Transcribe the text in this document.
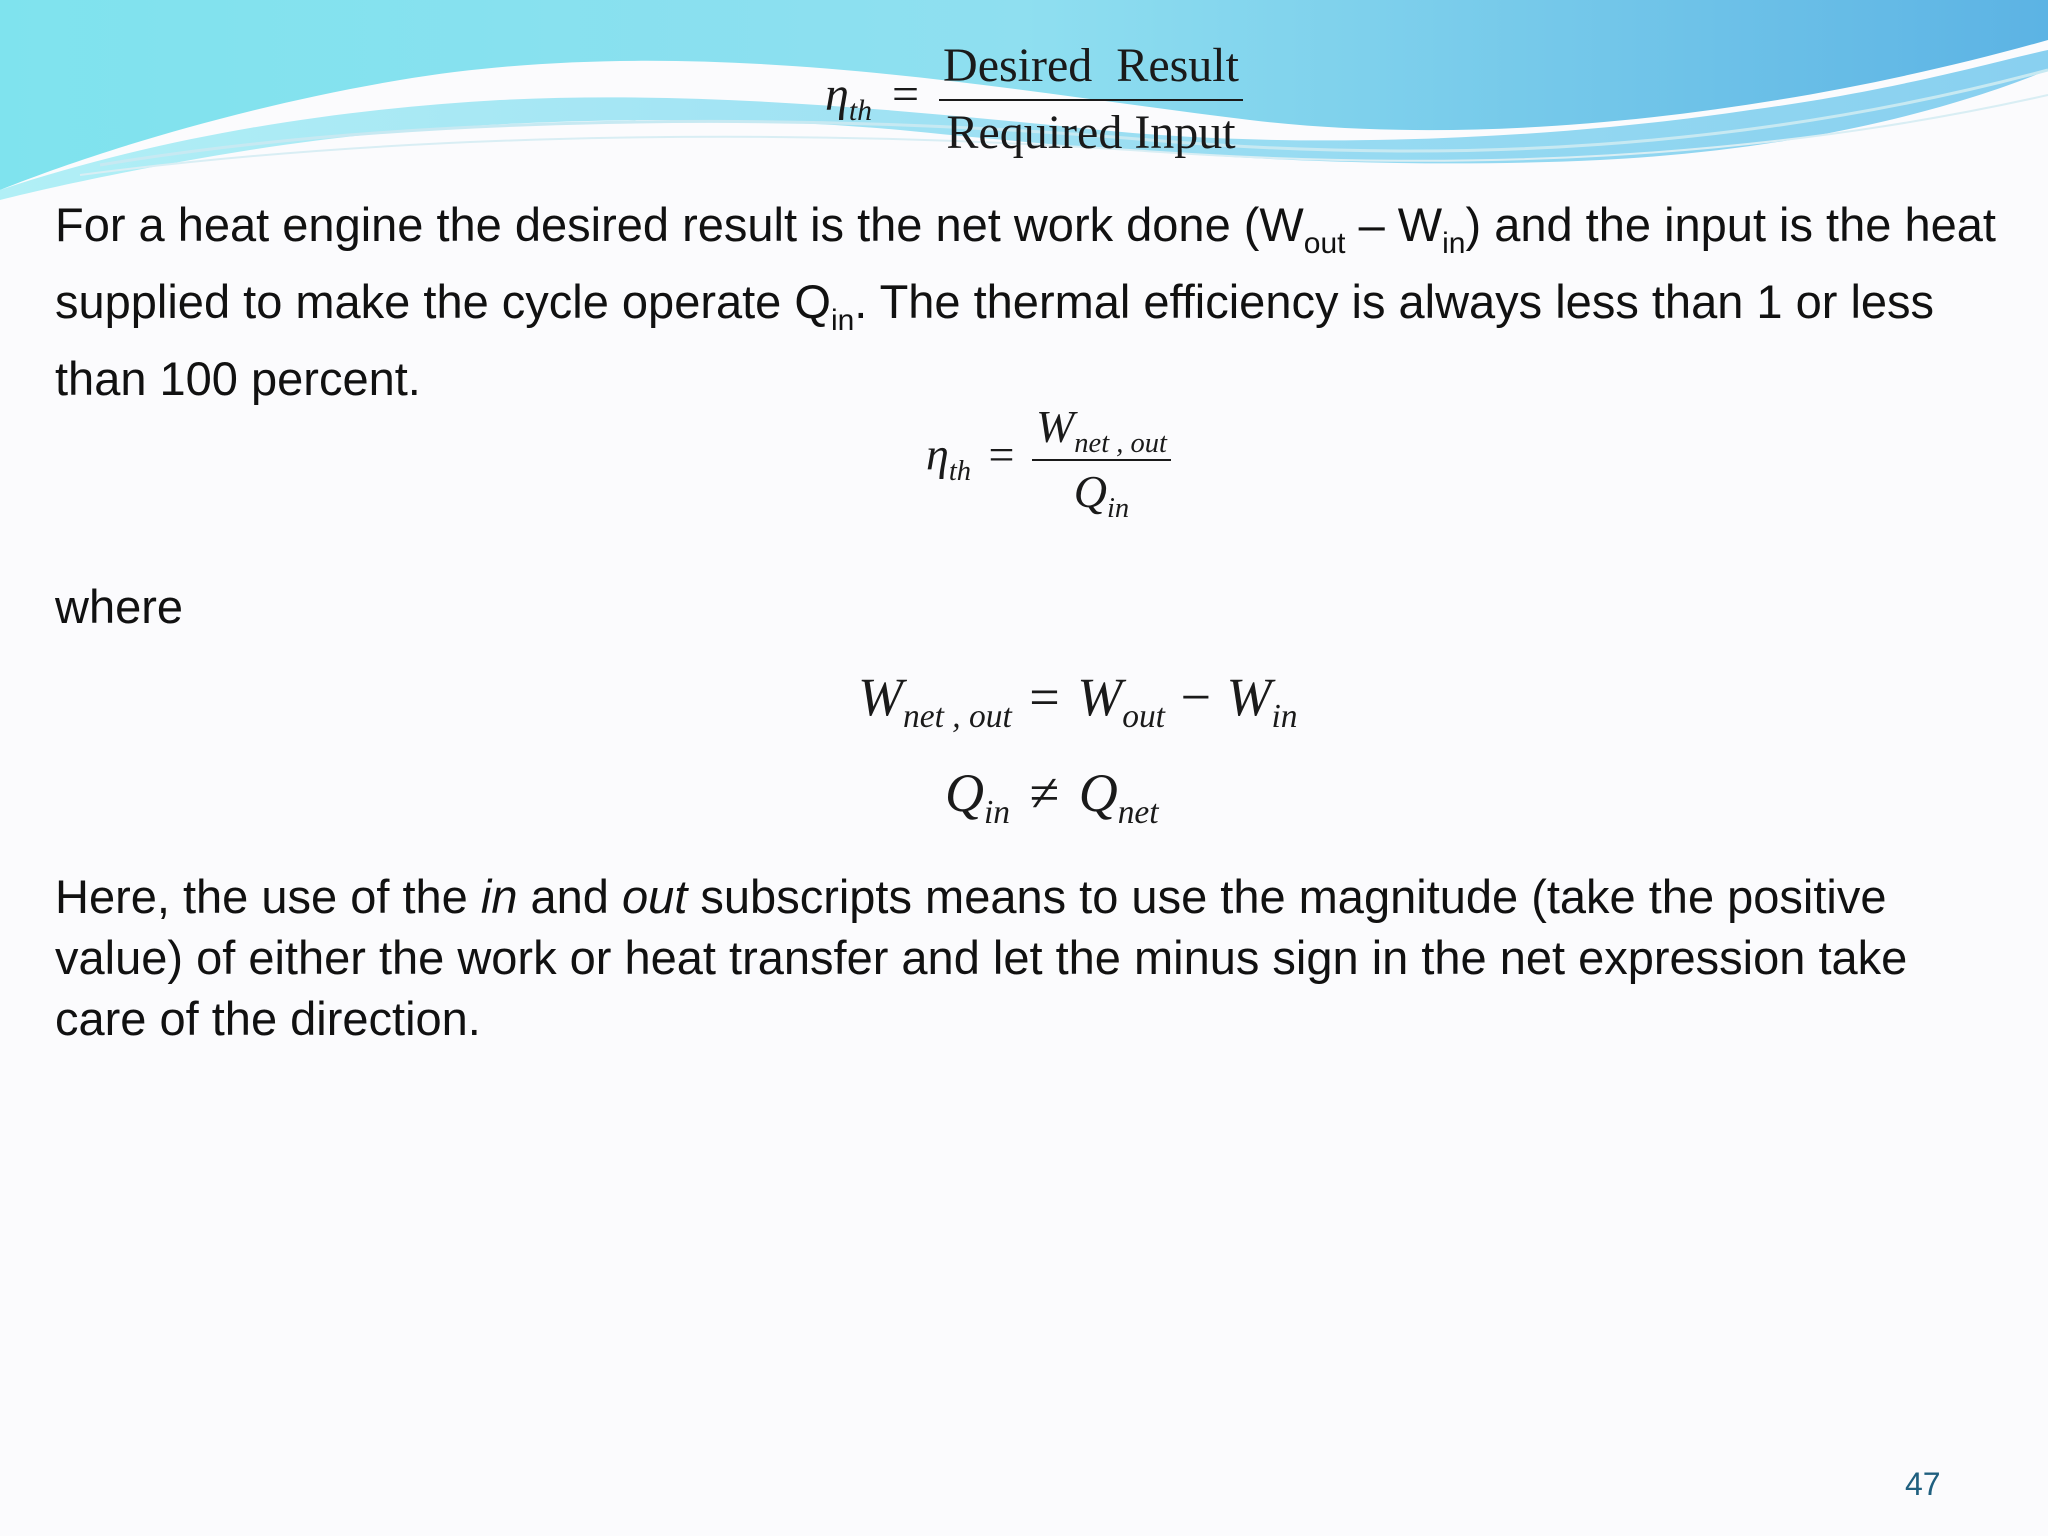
$\eta_{th} = \frac{\text{Desired  Result}}{\text{Required Input}}$
For a heat engine the desired result is the net work done $(W_{out} - W_{in})$ and the input is the heat supplied to make the cycle operate $Q_{in}$. The thermal efficiency is always less than 1 or less than 100 percent.
$\eta_{th} = \frac{W_{net , out}}{Q_{in}}$
where
$W_{net , out} = W_{out} - W_{in}$
$Q_{in} \ne Q_{net}$
Here, the use of the in and out subscripts means to use the magnitude (take the positive value) of either the work or heat transfer and let the minus sign in the net expression take care of the direction.
47
